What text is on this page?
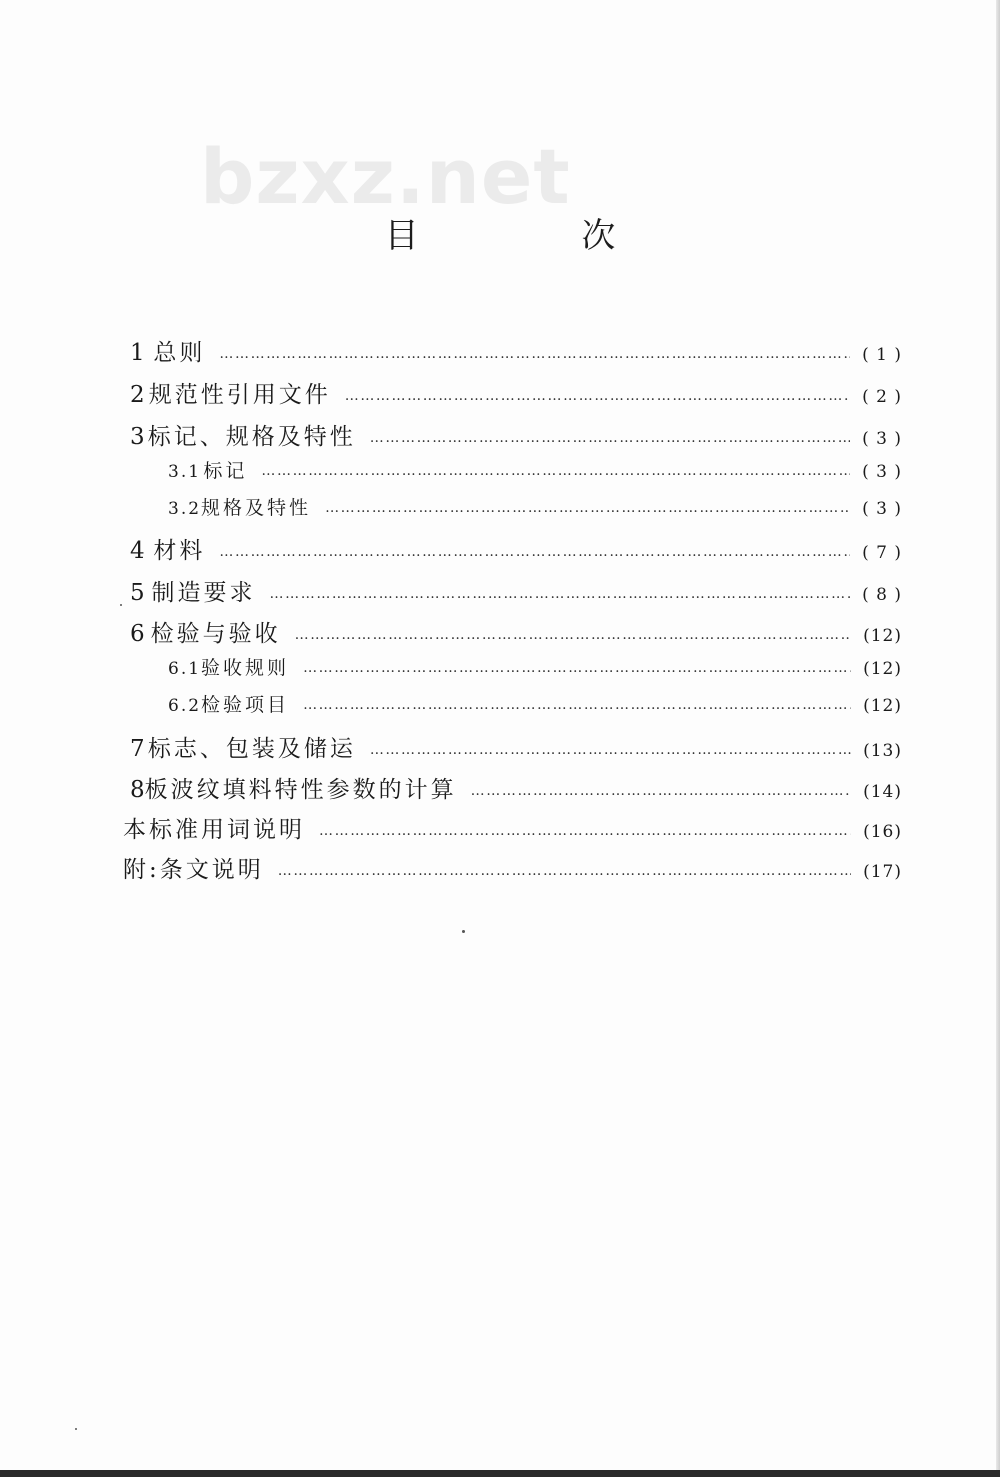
bzxz.net
目 次
1 总则 …………………………………………………………………………………………………………………………………………………………………………	( 1 )
2 规范性引用文件 …………………………………………………………………………………………………………………………………………………………………………	( 2 )
3 标记、规格及特性 …………………………………………………………………………………………………………………………………………………………………………	( 3 )
3.1 标记 …………………………………………………………………………………………………………………………………………………………………………	( 3 )
3.2 规格及特性 …………………………………………………………………………………………………………………………………………………………………………	( 3 )
4 材料 …………………………………………………………………………………………………………………………………………………………………………	( 7 )
5 制造要求 …………………………………………………………………………………………………………………………………………………………………………	( 8 )
6 检验与验收 …………………………………………………………………………………………………………………………………………………………………………	(12)
6.1 验收规则 …………………………………………………………………………………………………………………………………………………………………………	(12)
6.2 检验项目 …………………………………………………………………………………………………………………………………………………………………………	(12)
7 标志、包装及储运 …………………………………………………………………………………………………………………………………………………………………………	(13)
8 板波纹填料特性参数的计算 …………………………………………………………………………………………………………………………………………………………………………	(14)
本标准用词说明 …………………………………………………………………………………………………………………………………………………………………………	(16)
附:条文说明 …………………………………………………………………………………………………………………………………………………………………………	(17)
